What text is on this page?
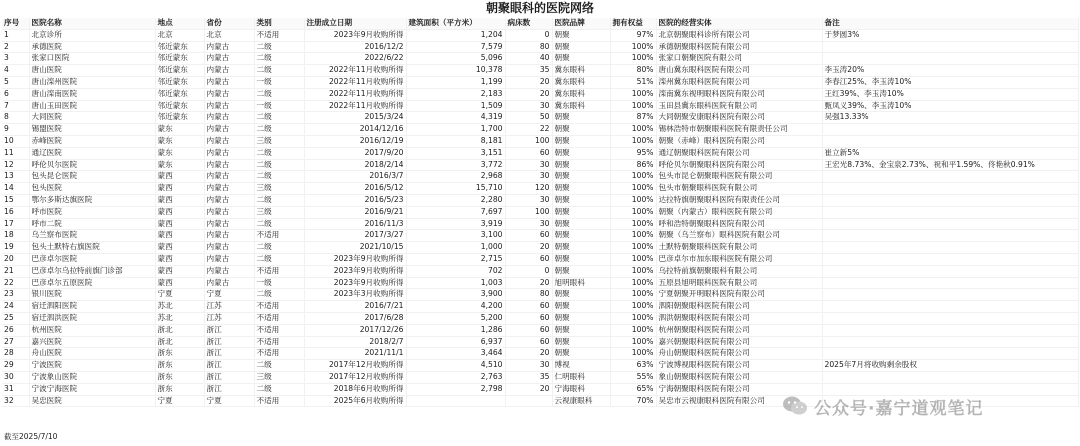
朝聚眼科的医院网络
序号	医院名称	地点	省份	类别	注册成立日期	建筑面积（平方米）	病床数	医院品牌	拥有权益	医院的经营实体	备注
1	北京诊所	北京	北京	不适用	2023年9月收购所得	1,204	0	朝聚	97%	北京朝聚眼科诊所有限公司	于梦圆3%
2	承德医院	邻近蒙东	内蒙古	二级	2016/12/2	7,579	80	朝聚	100%	承德朝聚眼科医院有限公司	
3	张家口医院	邻近蒙东	内蒙古	二级	2022/6/22	5,096	40	朝聚	100%	张家口朝聚医院有限公司	
4	唐山医院	邻近蒙东	内蒙古	二级	2022年11月收购所得	10,378	35	冀东眼科	80%	唐山冀东眼科医院有限公司	李玉涛20%
5	唐山滦州医院	邻近蒙东	内蒙古	一级	2022年11月收购所得	1,199	20	冀东眼科	51%	滦州冀东眼科医院有限公司	李春江25%、李玉涛10%
6	唐山滦南医院	邻近蒙东	内蒙古	二级	2022年11月收购所得	2,183	20	冀东眼科	100%	滦南冀东视明眼科医院有限公司	王红39%、李玉涛10%
7	唐山玉田医院	邻近蒙东	内蒙古	一级	2022年11月收购所得	1,509	30	冀东眼科	100%	玉田县冀东眼科医院有限公司	甄凤义39%、李玉涛10%
8	大同医院	邻近蒙东	内蒙古	二级	2015/3/24	4,319	50	朝聚	87%	大同朝聚安康眼科医院有限公司	吴强13.33%
9	锡盟医院	蒙东	内蒙古	二级	2014/12/16	1,700	22	朝聚	100%	锡林浩特市朝聚眼科医院有限责任公司	
10	赤峰医院	蒙东	内蒙古	三级	2016/12/19	8,181	100	朝聚	100%	朝聚（赤峰）眼科医院有限公司	
11	通辽医院	蒙东	内蒙古	二级	2017/9/20	3,151	60	朝聚	95%	通辽朝聚眼科医院有限公司	崔立新5%
12	呼伦贝尔医院	蒙东	内蒙古	二级	2018/2/14	3,772	30	朝聚	86%	呼伦贝尔朝聚眼科医院有限公司	王宏光8.73%、金宝泉2.73%、祝和平1.59%、佟艳秋0.91%
13	包头昆仑医院	蒙西	内蒙古	二级	2016/3/7	2,968	30	朝聚	100%	包头市昆仑朝聚眼科医院有限公司	
14	包头医院	蒙西	内蒙古	三级	2016/5/12	15,710	120	朝聚	100%	包头市朝聚眼科医院有限公司	
15	鄂尔多斯达旗医院	蒙西	内蒙古	二级	2016/5/23	2,280	30	朝聚	100%	达拉特旗朝聚眼科医院有限责任公司	
16	呼市医院	蒙西	内蒙古	三级	2016/9/21	7,697	100	朝聚	100%	朝聚（内蒙古）眼科医院有限公司	
17	呼市二院	蒙西	内蒙古	二级	2016/11/3	3,919	30	朝聚	100%	呼和浩特朝聚眼科医院有限公司	
18	乌兰察布医院	蒙西	内蒙古	不适用	2017/3/27	3,100	60	朝聚	100%	朝聚（乌兰察布）眼科医院有限公司	
19	包头土默特右旗医院	蒙西	内蒙古	二级	2021/10/15	1,000	20	朝聚	100%	土默特朝聚眼科医院有限公司	
20	巴彦卓尔医院	蒙西	内蒙古	二级	2023年9月收购所得	2,715	60	朝聚	100%	巴彦卓尔市加东眼科医院有限公司	
21	巴彦卓尔乌拉特前旗门诊部	蒙西	内蒙古	不适用	2023年9月收购所得	702	0	朝聚	100%	乌拉特前旗朝聚眼科有限公司	
22	巴彦卓尔五原医院	蒙西	内蒙古	一级	2023年9月收购所得	1,003	20	旭明眼科	100%	五原县旭明眼科医院有限公司	
23	银川医院	宁夏	宁夏	二级	2023年3月收购所得	3,900	80	朝聚	100%	宁夏朝聚开明眼科医院有限公司	
24	宿迁泗阳医院	苏北	江苏	不适用	2016/7/21	4,200	60	朝聚	100%	泗阳朝聚眼科医院有限公司	
25	宿迁泗洪医院	苏北	江苏	不适用	2017/6/28	5,200	60	朝聚	100%	泗洪朝聚眼科医院有限公司	
26	杭州医院	浙北	浙江	不适用	2017/12/26	1,286	60	朝聚	100%	杭州朝聚眼科医院有限公司	
27	嘉兴医院	浙北	浙江	不适用	2018/2/7	6,937	60	朝聚	100%	嘉兴朝聚眼科医院有限公司	
28	舟山医院	浙东	浙江	不适用	2021/11/1	3,464	20	朝聚	100%	舟山朝聚眼科医院有限公司	
29	宁波医院	浙东	浙江	二级	2017年12月收购所得	4,510	30	博视	63%	宁波博视眼科医院有限公司	2025年7月将收购剩余股权
30	宁波象山医院	浙东	浙江	三级	2017年12月收购所得	2,763	35	仁明眼科	55%	象山朝聚眼科医院有限公司	
31	宁波宁海医院	浙东	浙江	二级	2018年6月收购所得	2,798	20	宁海眼科	65%	宁海朝聚眼科医院有限公司	
32	吴忠医院	宁夏	宁夏	不适用	2025年6月收购所得			云视康眼科	70%	吴忠市云视康眼科医院有限公司	
截至2025/7/10
公众号·嘉宁道观笔记
